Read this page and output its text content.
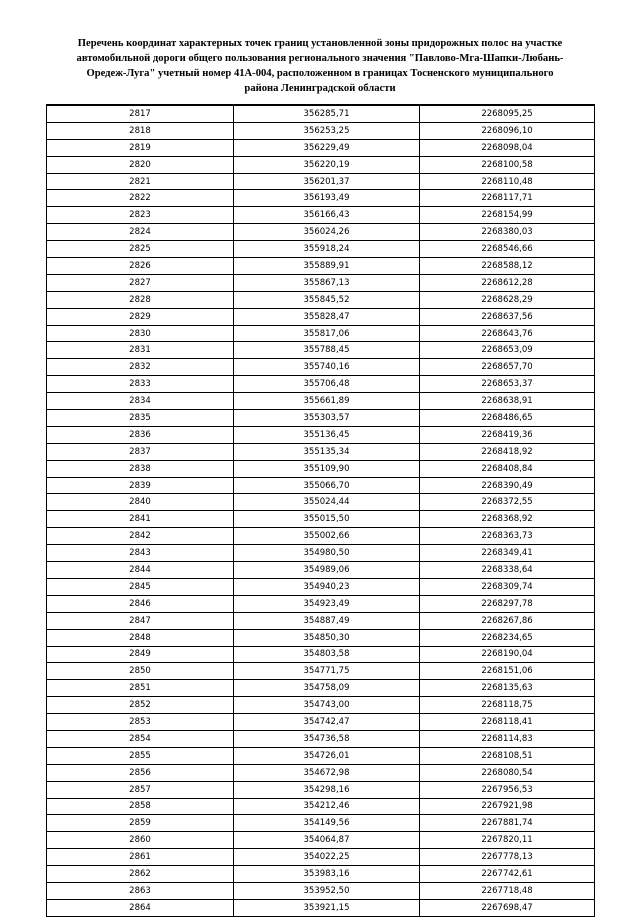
Перечень координат характерных точек границ установленной зоны придорожных полос на участке
автомобильной дороги общего пользования регионального значения "Павлово-Мга-Шапки-Любань-
Оредеж-Луга" учетный номер 41А-004, расположенном в границах Тосненского муниципального
района Ленинградской области
2817	356285,71	2268095,25
2818	356253,25	2268096,10
2819	356229,49	2268098,04
2820	356220,19	2268100,58
2821	356201,37	2268110,48
2822	356193,49	2268117,71
2823	356166,43	2268154,99
2824	356024,26	2268380,03
2825	355918,24	2268546,66
2826	355889,91	2268588,12
2827	355867,13	2268612,28
2828	355845,52	2268628,29
2829	355828,47	2268637,56
2830	355817,06	2268643,76
2831	355788,45	2268653,09
2832	355740,16	2268657,70
2833	355706,48	2268653,37
2834	355661,89	2268638,91
2835	355303,57	2268486,65
2836	355136,45	2268419,36
2837	355135,34	2268418,92
2838	355109,90	2268408,84
2839	355066,70	2268390,49
2840	355024,44	2268372,55
2841	355015,50	2268368,92
2842	355002,66	2268363,73
2843	354980,50	2268349,41
2844	354989,06	2268338,64
2845	354940,23	2268309,74
2846	354923,49	2268297,78
2847	354887,49	2268267,86
2848	354850,30	2268234,65
2849	354803,58	2268190,04
2850	354771,75	2268151,06
2851	354758,09	2268135,63
2852	354743,00	2268118,75
2853	354742,47	2268118,41
2854	354736,58	2268114,83
2855	354726,01	2268108,51
2856	354672,98	2268080,54
2857	354298,16	2267956,53
2858	354212,46	2267921,98
2859	354149,56	2267881,74
2860	354064,87	2267820,11
2861	354022,25	2267778,13
2862	353983,16	2267742,61
2863	353952,50	2267718,48
2864	353921,15	2267698,47
